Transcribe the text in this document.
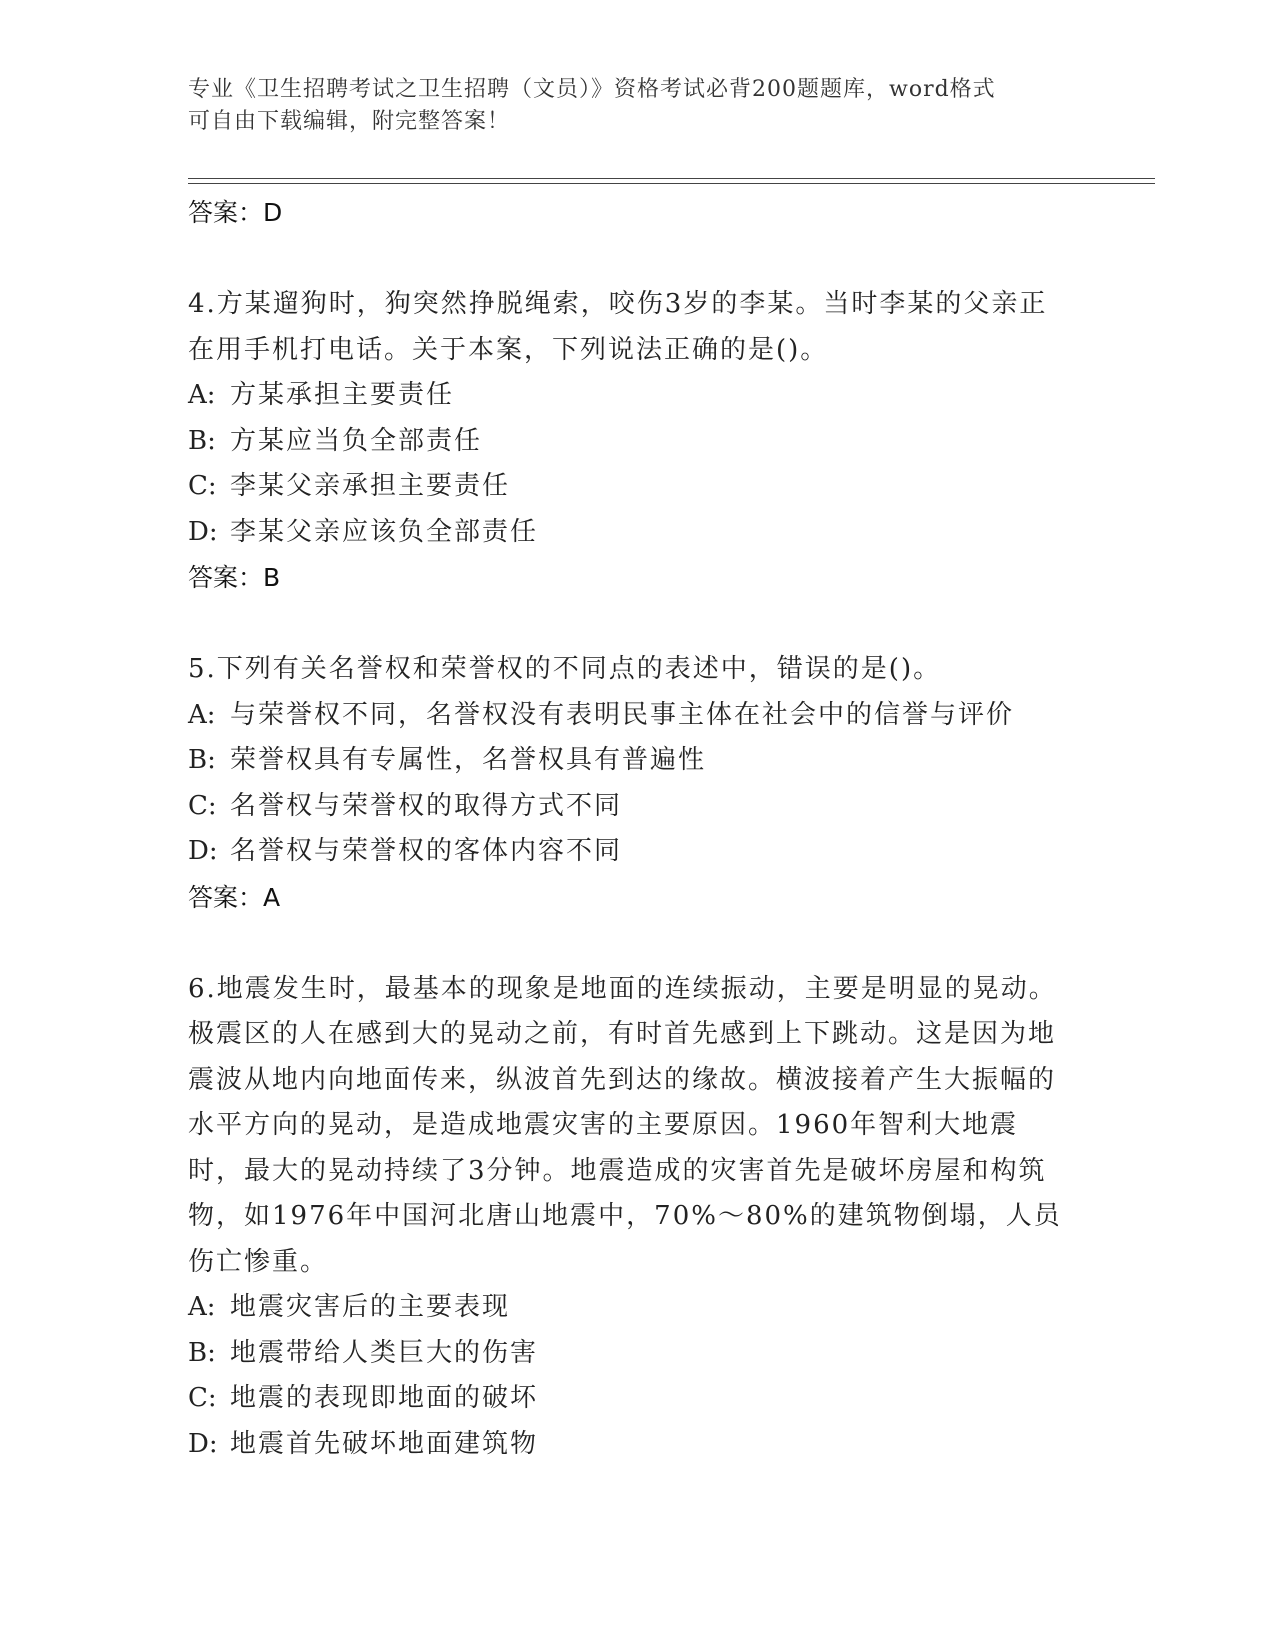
专业《卫生招聘考试之卫生招聘（文员）》资格考试必背200题题库，word格式
可自由下载编辑，附完整答案！
答案：D
4.方某遛狗时，狗突然挣脱绳索，咬伤3岁的李某。当时李某的父亲正在用手机打电话。关于本案，下列说法正确的是()。
A: 方某承担主要责任
B: 方某应当负全部责任
C: 李某父亲承担主要责任
D: 李某父亲应该负全部责任
答案：B
5.下列有关名誉权和荣誉权的不同点的表述中，错误的是()。
A: 与荣誉权不同，名誉权没有表明民事主体在社会中的信誉与评价
B: 荣誉权具有专属性，名誉权具有普遍性
C: 名誉权与荣誉权的取得方式不同
D: 名誉权与荣誉权的客体内容不同
答案：A
6.地震发生时，最基本的现象是地面的连续振动，主要是明显的晃动。极震区的人在感到大的晃动之前，有时首先感到上下跳动。这是因为地震波从地内向地面传来，纵波首先到达的缘故。横波接着产生大振幅的水平方向的晃动，是造成地震灾害的主要原因。1960年智利大地震时，最大的晃动持续了3分钟。地震造成的灾害首先是破坏房屋和构筑物，如1976年中国河北唐山地震中，70%～80%的建筑物倒塌，人员伤亡惨重。
A: 地震灾害后的主要表现
B: 地震带给人类巨大的伤害
C: 地震的表现即地面的破坏
D: 地震首先破坏地面建筑物
